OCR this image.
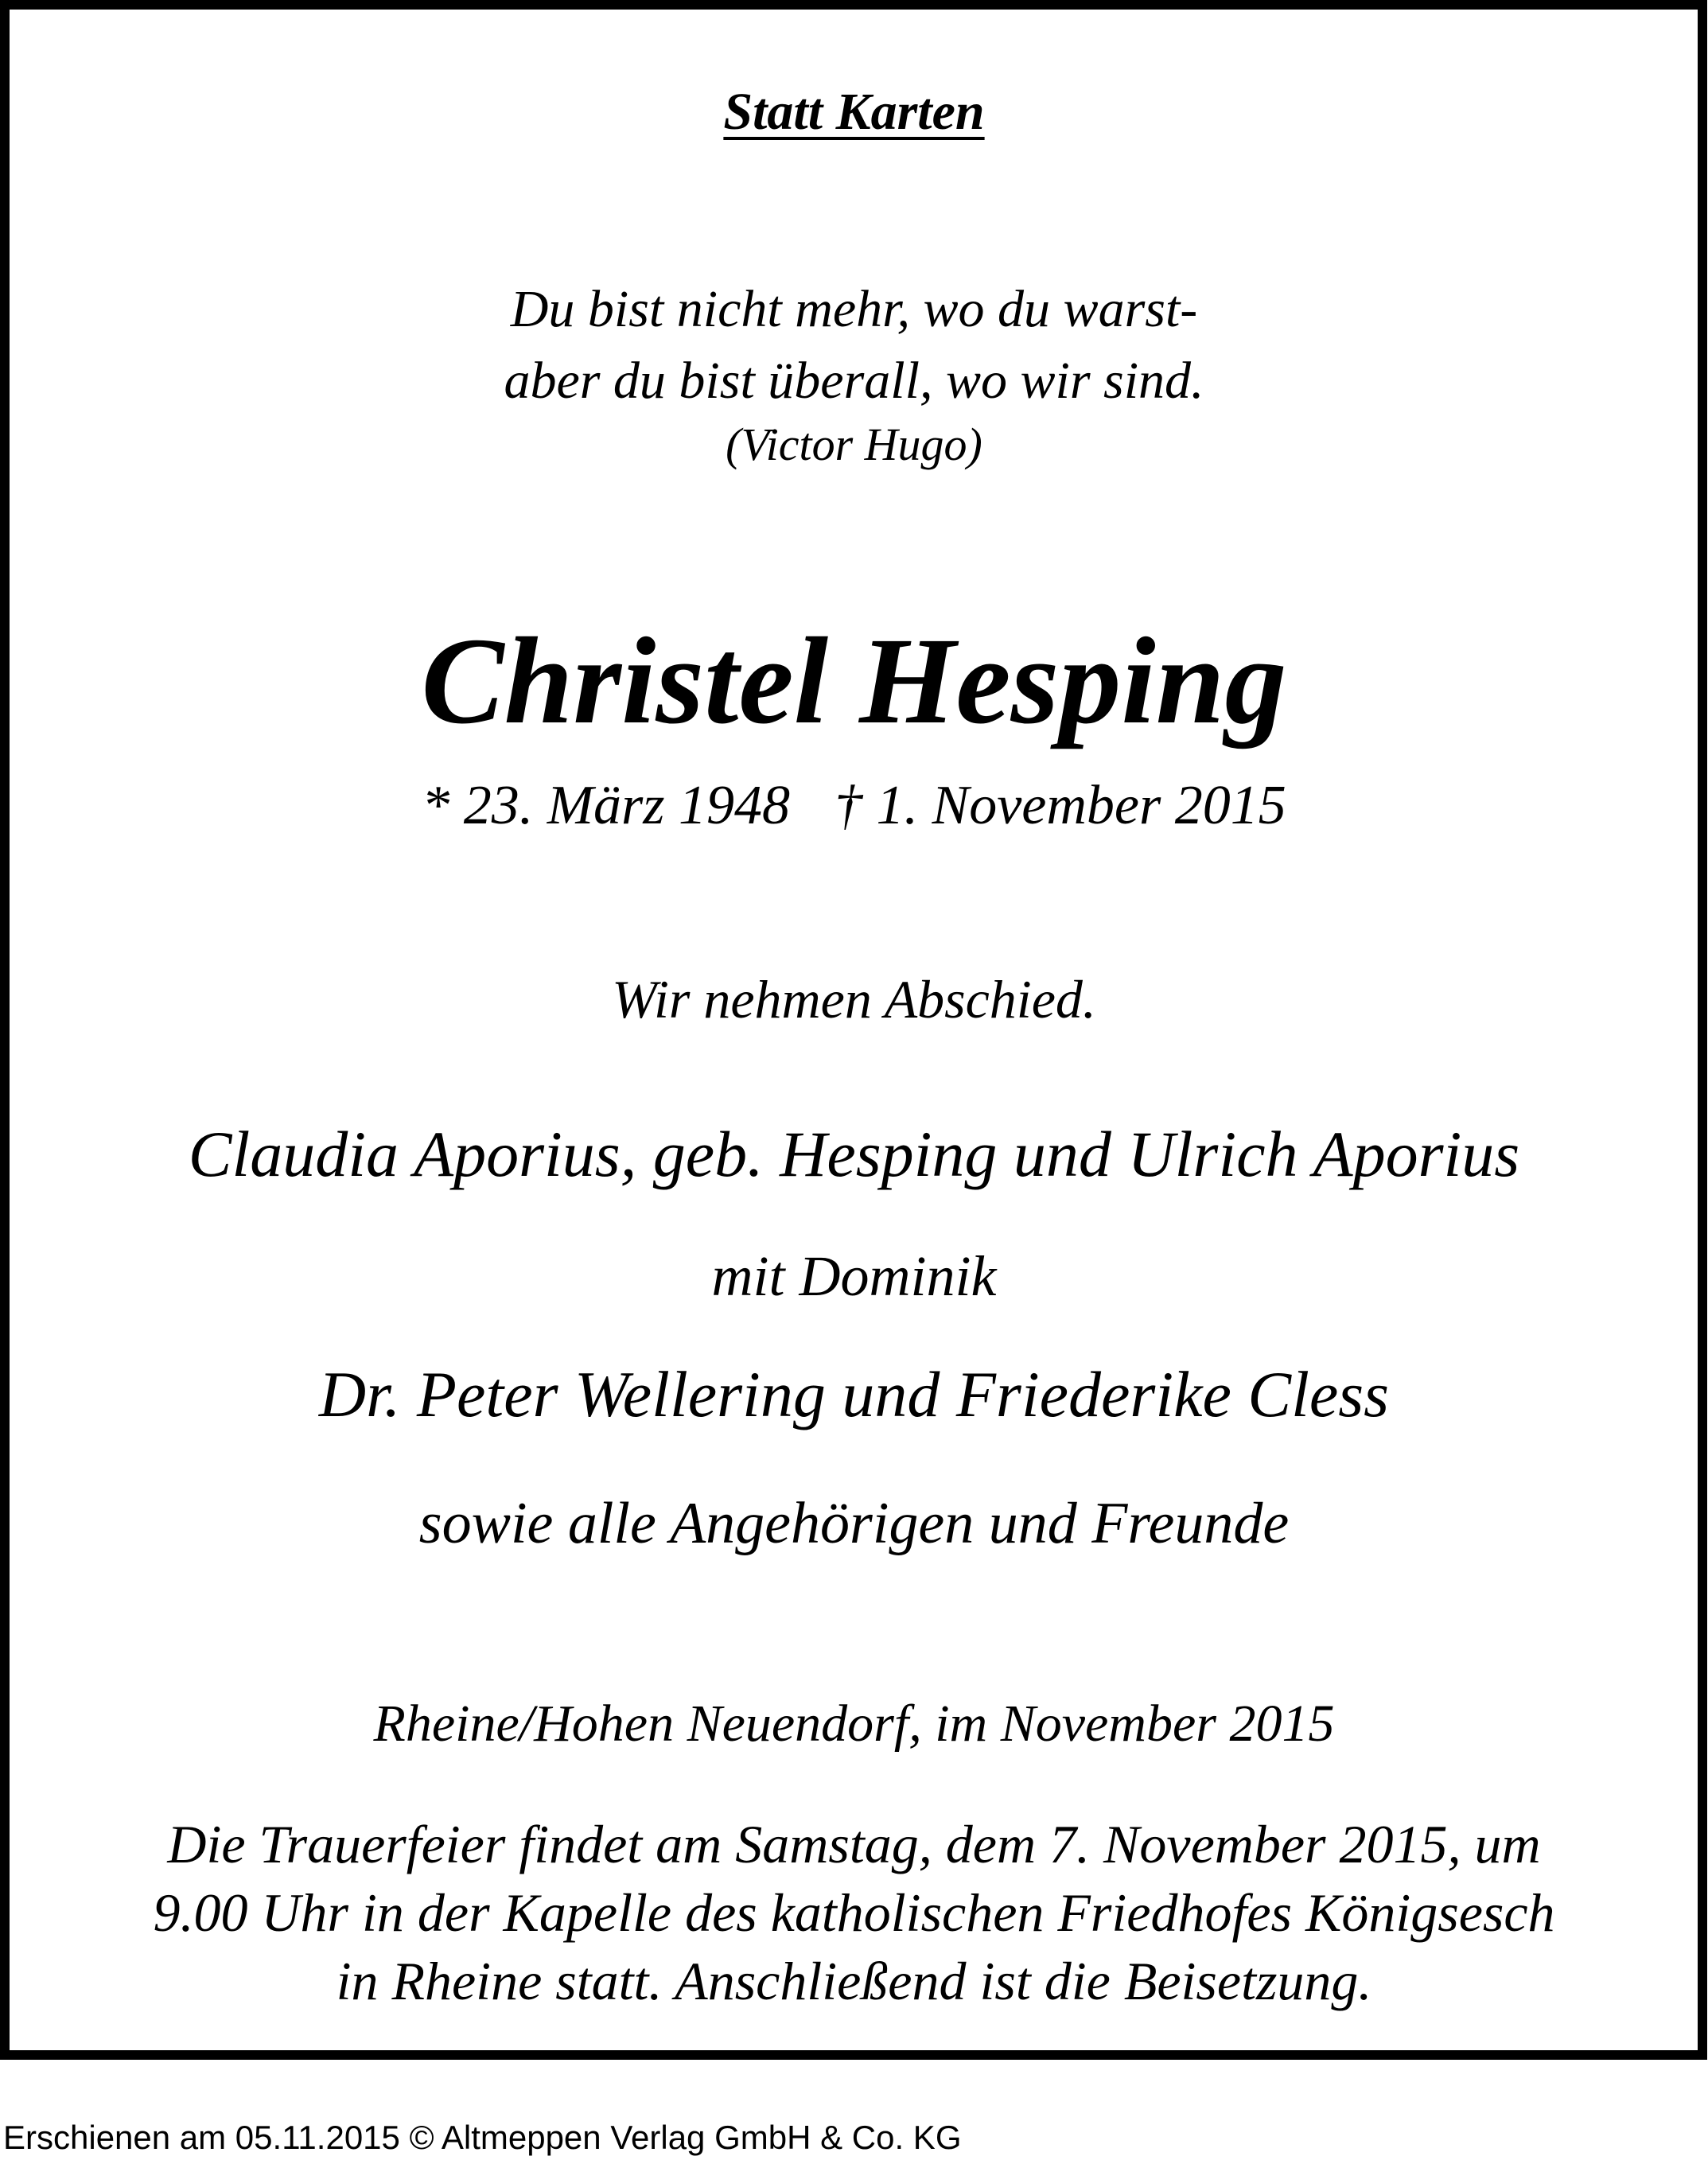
Statt Karten
Du bist nicht mehr, wo du warst-
aber du bist überall, wo wir sind.
(Victor Hugo)
Christel Hesping
* 23. März 1948 † 1. November 2015
Wir nehmen Abschied.
Claudia Aporius, geb. Hesping und Ulrich Aporius
mit Dominik
Dr. Peter Wellering und Friederike Cless
sowie alle Angehörigen und Freunde
Rheine/Hohen Neuendorf, im November 2015
Die Trauerfeier findet am Samstag, dem 7. November 2015, um
9.00 Uhr in der Kapelle des katholischen Friedhofes Königsesch
in Rheine statt. Anschließend ist die Beisetzung.
Erschienen am 05.11.2015 © Altmeppen Verlag GmbH & Co. KG
